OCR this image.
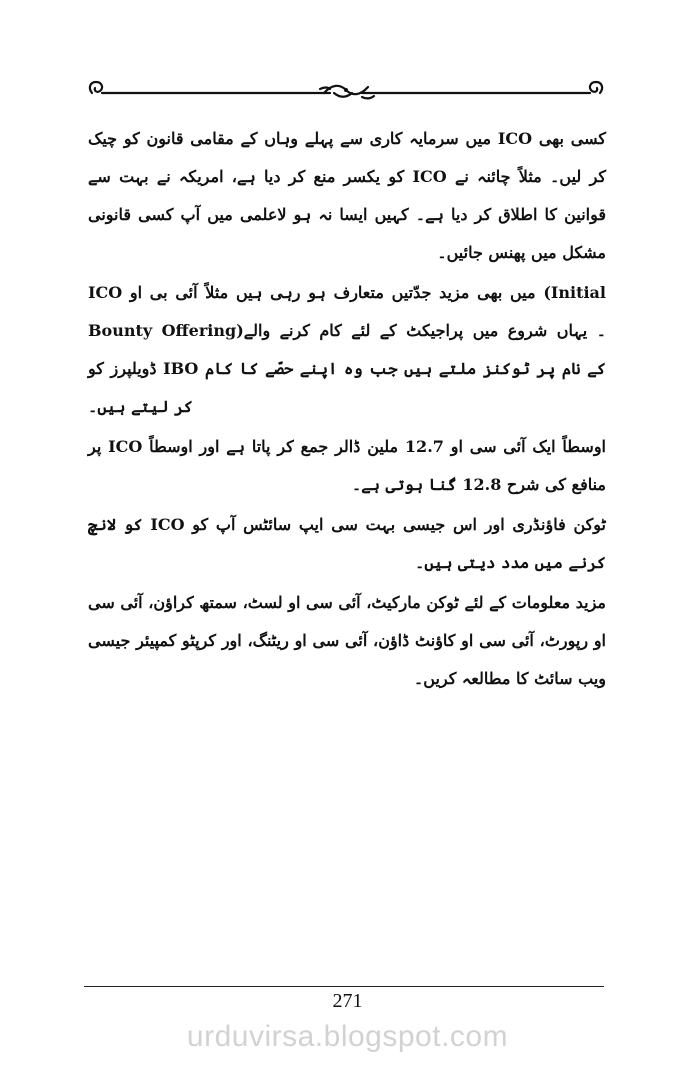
کسی بھی ICO میں سرمایہ کاری سے پہلے وہاں کے مقامی قانون کو چیک کر لیں۔ مثلاً چائنہ نے ICO کو یکسر منع کر دیا ہے، امریکہ نے بہت سے قوانین کا اطلاق کر دیا ہے۔ کہیں ایسا نہ ہو لاعلمی میں آپ کسی قانونی مشکل میں پھنس جائیں۔

ICO میں بھی مزید جدّتیں متعارف ہو رہی ہیں مثلاً آئی بی او (Initial Bounty Offering)۔ یہاں شروع میں پراجیکٹ کے لئے کام کرنے والے ڈویلپرز کو IBO کے نام پر ٹوکنز ملتے ہیں جب وہ اپنے حصّے کا کام کر لیتے ہیں۔

اوسطاً ایک آئی سی او 12.7 ملین ڈالر جمع کر پاتا ہے اور اوسطاً ICO پر منافع کی شرح 12.8 گنا ہوتی ہے۔

ٹوکن فاؤنڈری اور اس جیسی بہت سی ایپ سائٹس آپ کو ICO کو لانچ کرنے میں مدد دیتی ہیں۔

مزید معلومات کے لئے ٹوکن مارکیٹ، آئی سی او لسٹ، سمتھ کراؤن، آئی سی او رپورٹ، آئی سی او کاؤنٹ ڈاؤن، آئی سی او ریٹنگ، اور کرپٹو کمپیئر جیسی ویب سائٹ کا مطالعہ کریں۔

271
urduvirsa.blogspot.com
